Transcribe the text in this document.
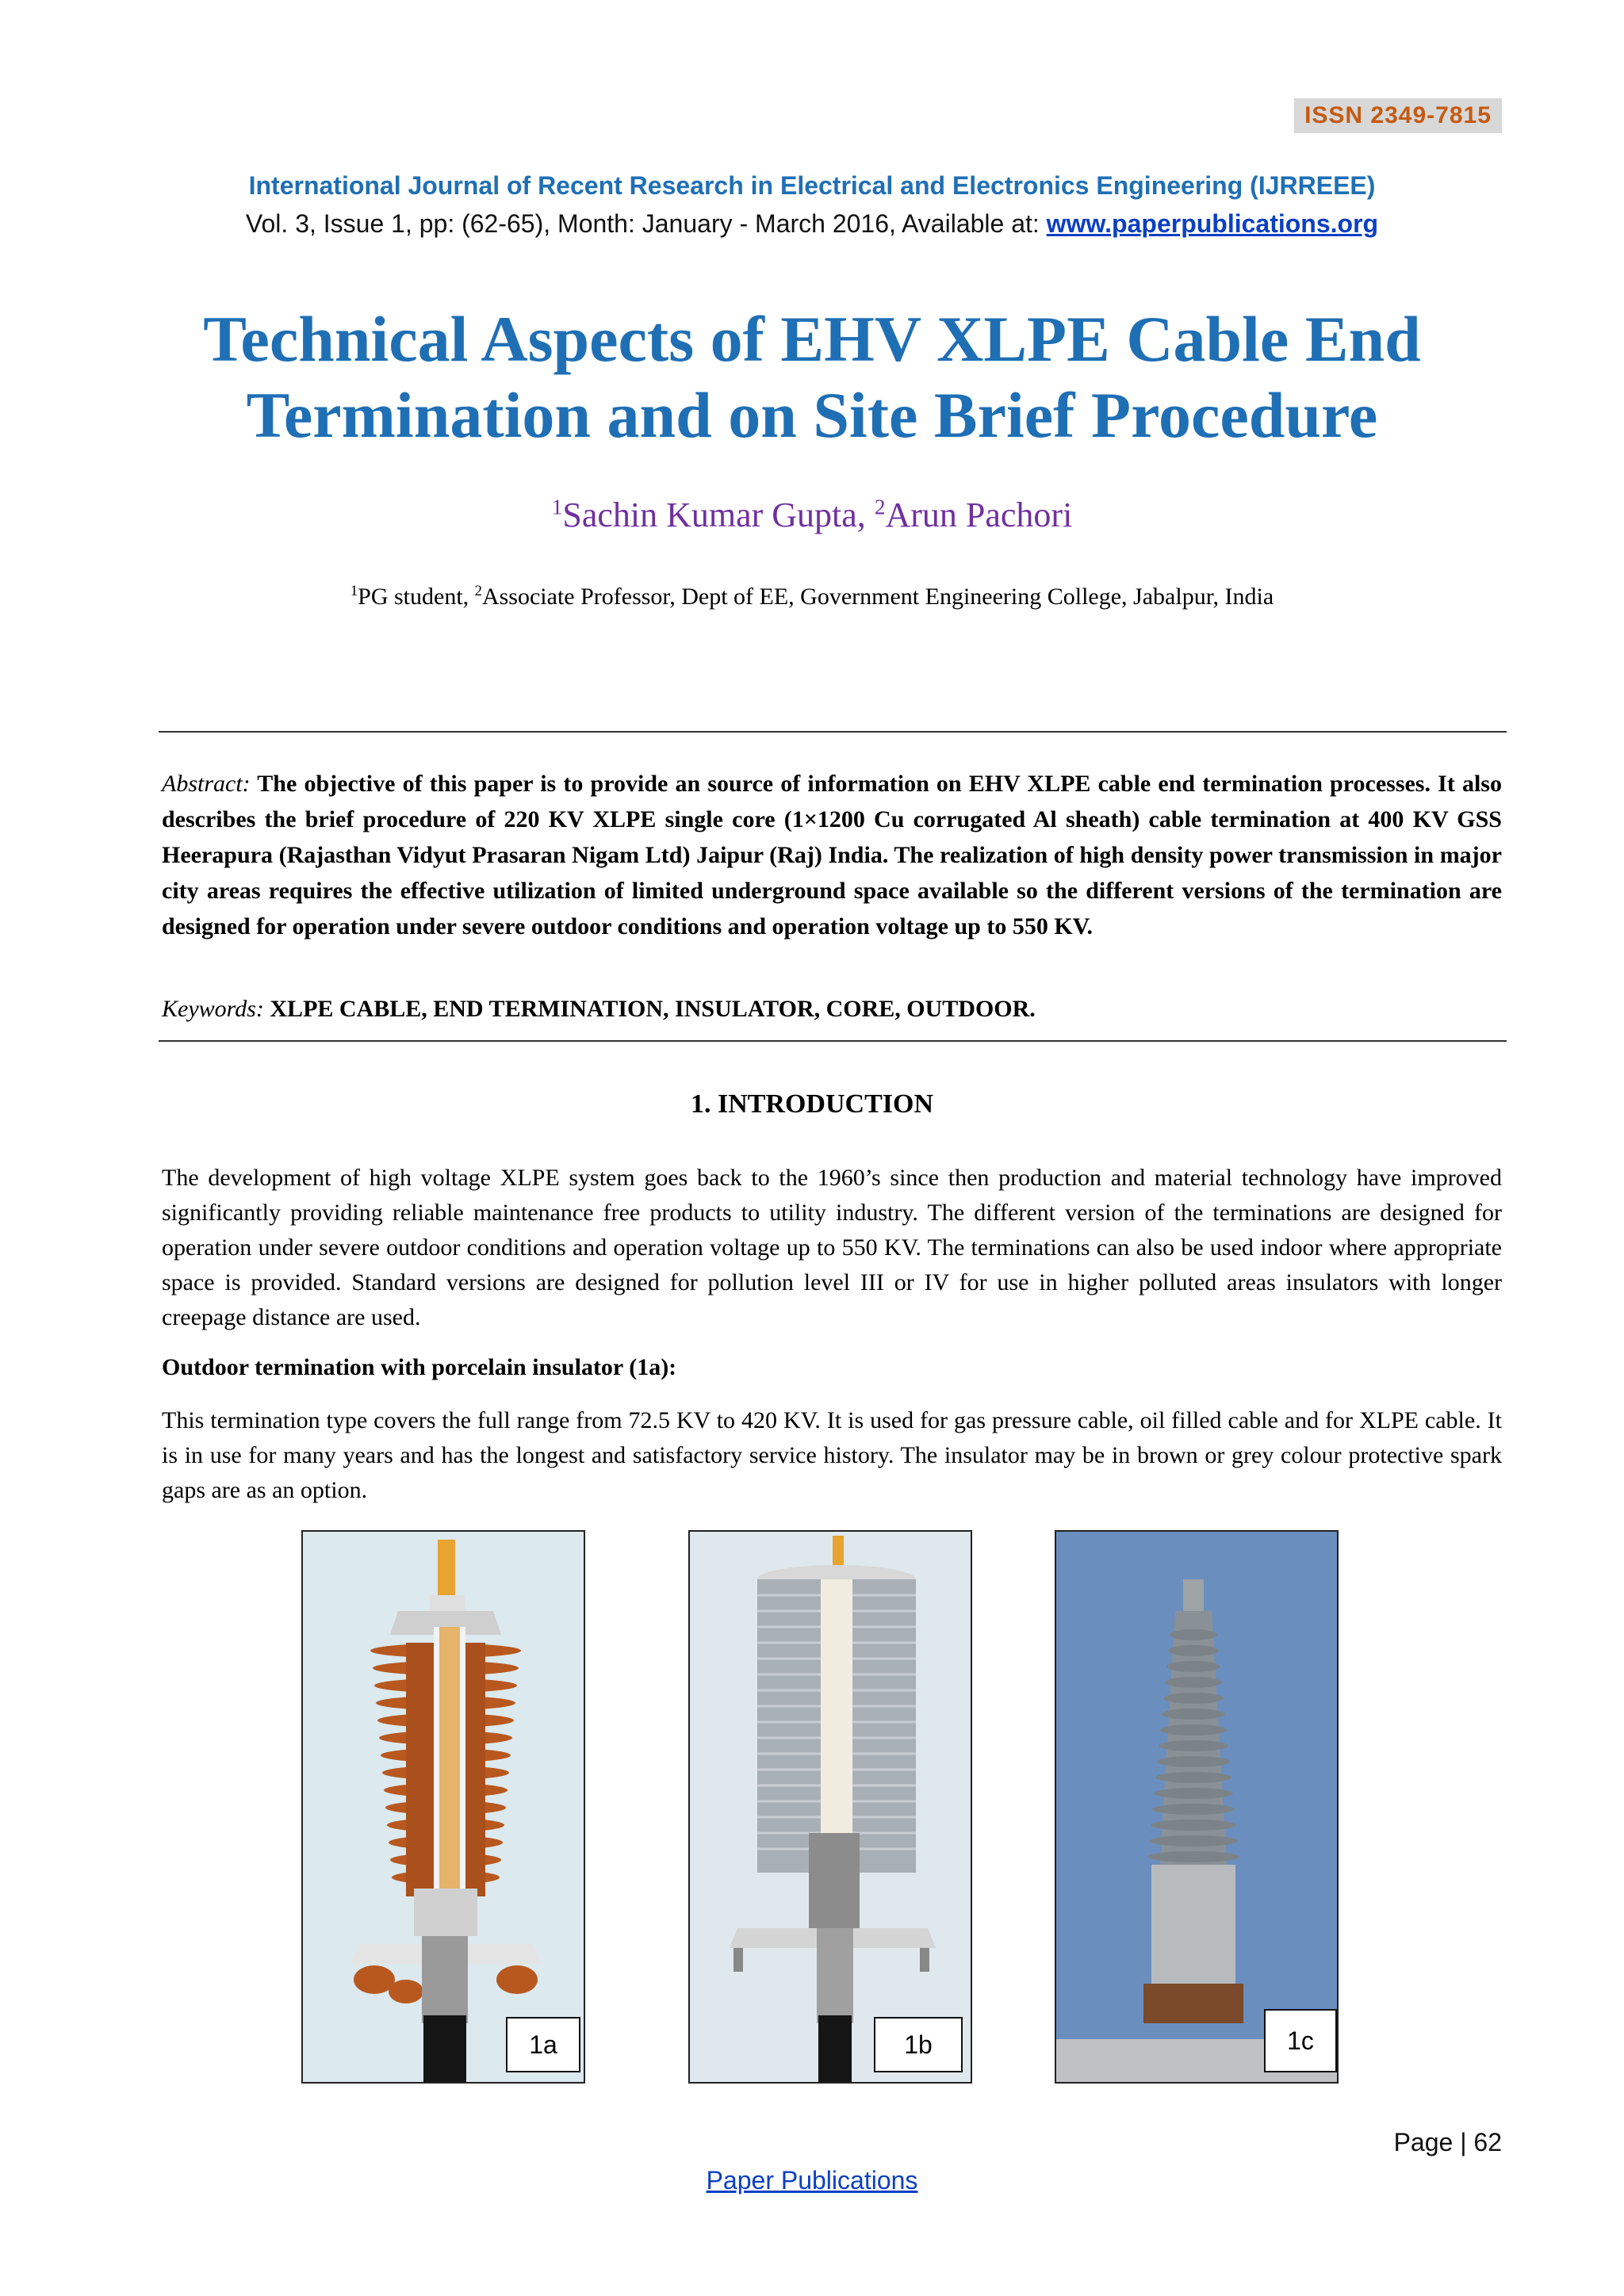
ISSN 2349-7815
International Journal of Recent Research in Electrical and Electronics Engineering (IJRREEE)
Vol. 3, Issue 1, pp: (62-65), Month: January - March 2016, Available at: www.paperpublications.org
Technical Aspects of EHV XLPE Cable End Termination and on Site Brief Procedure
$^1$Sachin Kumar Gupta, $^2$Arun Pachori
$^1$PG student, $^2$Associate Professor, Dept of EE, Government Engineering College, Jabalpur, India
Abstract: The objective of this paper is to provide an source of information on EHV XLPE cable end termination processes. It also describes the brief procedure of 220 KV XLPE single core (1×1200 Cu corrugated Al sheath) cable termination at 400 KV GSS Heerapura (Rajasthan Vidyut Prasaran Nigam Ltd) Jaipur (Raj) India. The realization of high density power transmission in major city areas requires the effective utilization of limited underground space available so the different versions of the termination are designed for operation under severe outdoor conditions and operation voltage up to 550 KV.
Keywords: XLPE CABLE, END TERMINATION, INSULATOR, CORE, OUTDOOR.
1. INTRODUCTION
The development of high voltage XLPE system goes back to the 1960’s since then production and material technology have improved significantly providing reliable maintenance free products to utility industry. The different version of the terminations are designed for operation under severe outdoor conditions and operation voltage up to 550 KV. The terminations can also be used indoor where appropriate space is provided. Standard versions are designed for pollution level III or IV for use in higher polluted areas insulators with longer creepage distance are used.
Outdoor termination with porcelain insulator (1a):
This termination type covers the full range from 72.5 KV to 420 KV. It is used for gas pressure cable, oil filled cable and for XLPE cable. It is in use for many years and has the longest and satisfactory service history. The insulator may be in brown or grey colour protective spark gaps are as an option.
1a	1b	1c
Page | 62
Paper Publications
